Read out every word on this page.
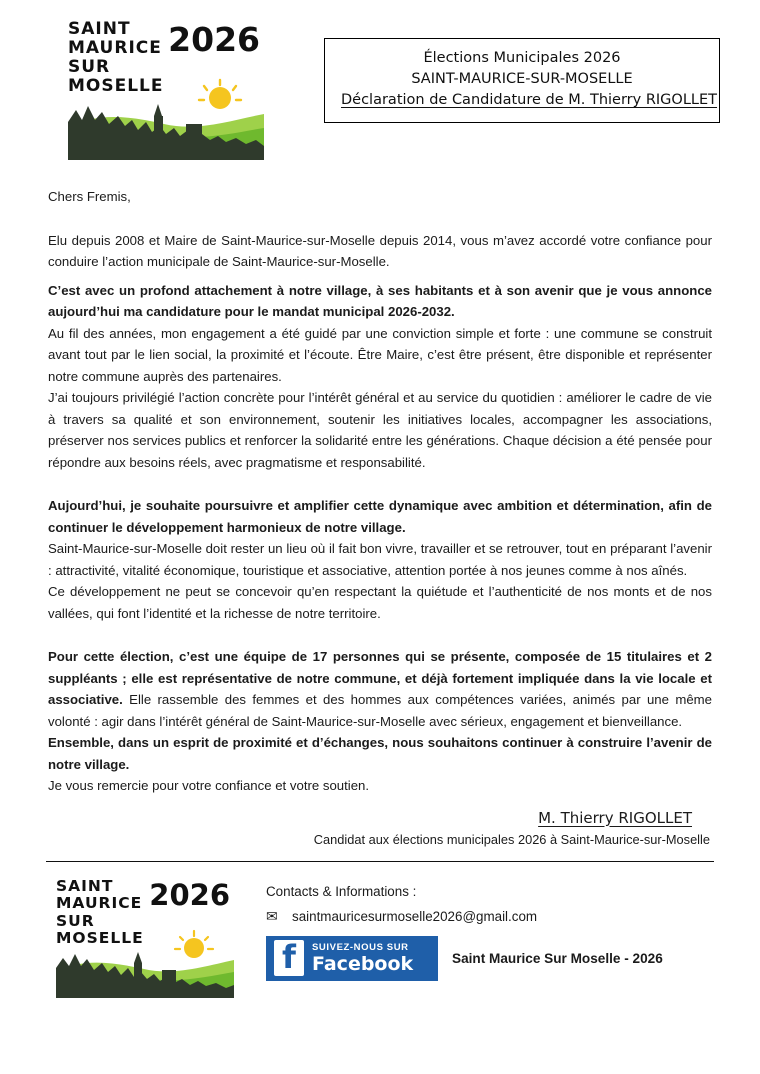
SAINT
MAURICE
SUR
MOSELLE
2026	Élections Municipales 2026
SAINT-MAURICE-SUR-MOSELLE
Déclaration de Candidature de M. Thierry RIGOLLET
Chers Fremis,

Elu depuis 2008 et Maire de Saint-Maurice-sur-Moselle depuis 2014, vous m’avez accordé votre confiance pour conduire l’action municipale de Saint-Maurice-sur-Moselle.

C’est avec un profond attachement à notre village, à ses habitants et à son avenir que je vous annonce aujourd’hui ma candidature pour le mandat municipal 2026-2032.

Au fil des années, mon engagement a été guidé par une conviction simple et forte : une commune se construit avant tout par le lien social, la proximité et l’écoute. Être Maire, c’est être présent, être disponible et représenter notre commune auprès des partenaires.

J’ai toujours privilégié l’action concrète pour l’intérêt général et au service du quotidien : améliorer le cadre de vie à travers sa qualité et son environnement, soutenir les initiatives locales, accompagner les associations, préserver nos services publics et renforcer la solidarité entre les générations. Chaque décision a été pensée pour répondre aux besoins réels, avec pragmatisme et responsabilité.

Aujourd’hui, je souhaite poursuivre et amplifier cette dynamique avec ambition et détermination, afin de continuer le développement harmonieux de notre village.

Saint-Maurice-sur-Moselle doit rester un lieu où il fait bon vivre, travailler et se retrouver, tout en préparant l’avenir : attractivité, vitalité économique, touristique et associative, attention portée à nos jeunes comme à nos aînés.

Ce développement ne peut se concevoir qu’en respectant la quiétude et l’authenticité de nos monts et de nos vallées, qui font l’identité et la richesse de notre territoire.

Pour cette élection, c’est une équipe de 17 personnes qui se présente, composée de 15 titulaires et 2 suppléants ; elle est représentative de notre commune, et déjà fortement impliquée dans la vie locale et associative. Elle rassemble des femmes et des hommes aux compétences variées, animés par une même volonté : agir dans l’intérêt général de Saint-Maurice-sur-Moselle avec sérieux, engagement et bienveillance.

Ensemble, dans un esprit de proximité et d’échanges, nous souhaitons continuer à construire l’avenir de notre village.

Je vous remercie pour votre confiance et votre soutien.

M. Thierry RIGOLLET
Candidat aux élections municipales 2026 à Saint-Maurice-sur-Moselle
SAINT
MAURICE
SUR
MOSELLE
2026	Contacts & Informations :
✉	saintmauricesurmoselle2026@gmail.com
f	SUIVEZ-NOUS SUR
Facebook	Saint Maurice Sur Moselle - 2026
